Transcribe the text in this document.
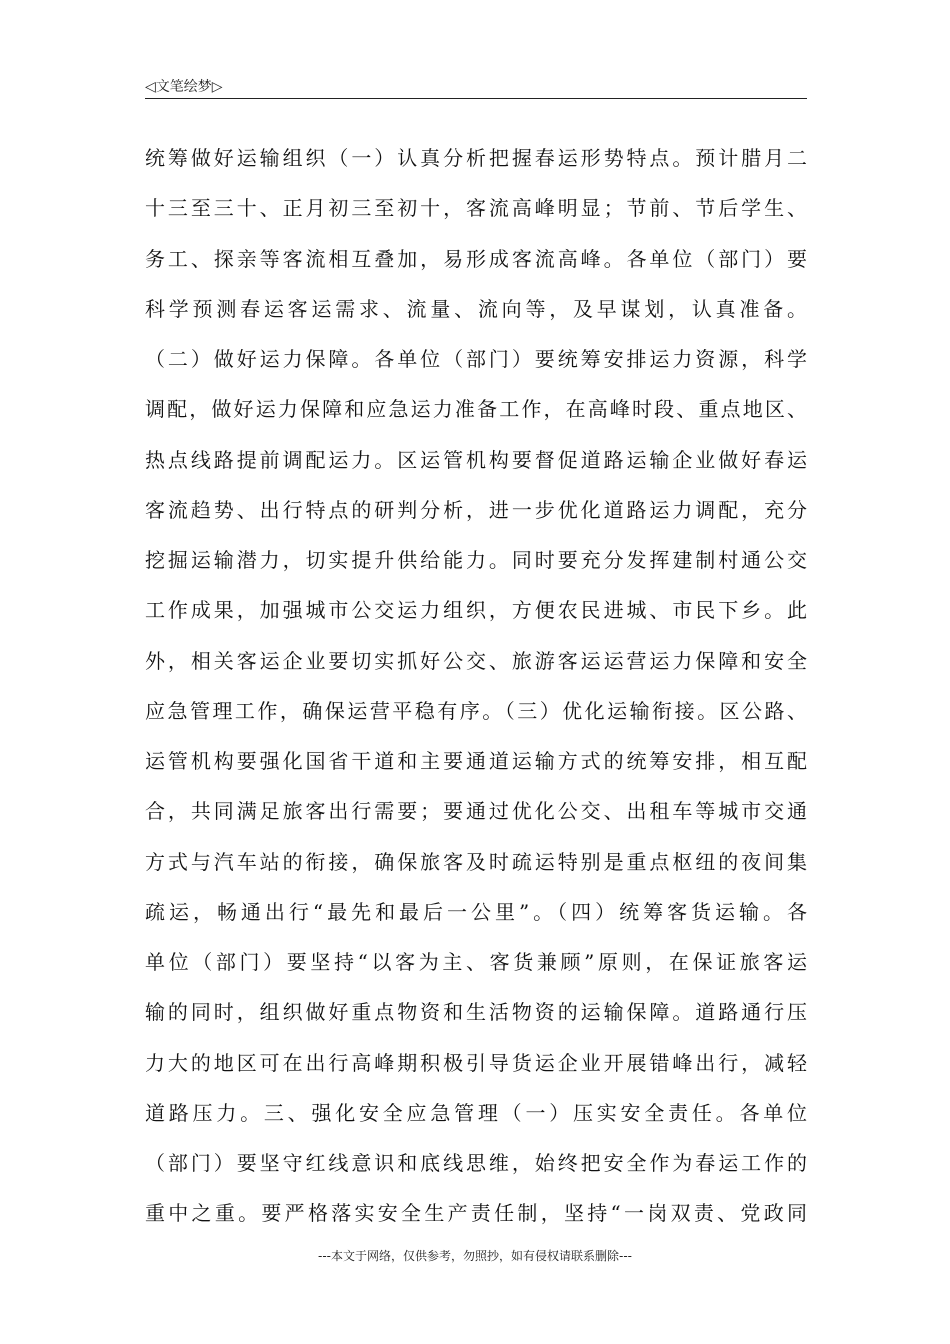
◁文笔绘梦▷
统筹做好运输组织（一）认真分析把握春运形势特点。预计腊月二
十三至三十、正月初三至初十，客流高峰明显；节前、节后学生、
务工、探亲等客流相互叠加，易形成客流高峰。各单位（部门）要
科学预测春运客运需求、流量、流向等，及早谋划，认真准备。
（二）做好运力保障。各单位（部门）要统筹安排运力资源，科学
调配，做好运力保障和应急运力准备工作，在高峰时段、重点地区、
热点线路提前调配运力。区运管机构要督促道路运输企业做好春运
客流趋势、出行特点的研判分析，进一步优化道路运力调配，充分
挖掘运输潜力，切实提升供给能力。同时要充分发挥建制村通公交
工作成果，加强城市公交运力组织，方便农民进城、市民下乡。此
外，相关客运企业要切实抓好公交、旅游客运运营运力保障和安全
应急管理工作，确保运营平稳有序。（三）优化运输衔接。区公路、
运管机构要强化国省干道和主要通道运输方式的统筹安排，相互配
合，共同满足旅客出行需要；要通过优化公交、出租车等城市交通
方式与汽车站的衔接，确保旅客及时疏运特别是重点枢纽的夜间集
疏运，畅通出行“最先和最后一公里”。（四）统筹客货运输。各
单位（部门）要坚持“以客为主、客货兼顾”原则，在保证旅客运
输的同时，组织做好重点物资和生活物资的运输保障。道路通行压
力大的地区可在出行高峰期积极引导货运企业开展错峰出行，减轻
道路压力。三、强化安全应急管理（一）压实安全责任。各单位
（部门）要坚守红线意识和底线思维，始终把安全作为春运工作的
重中之重。要严格落实安全生产责任制，坚持“一岗双责、党政同
---本文于网络，仅供参考，勿照抄，如有侵权请联系删除---
